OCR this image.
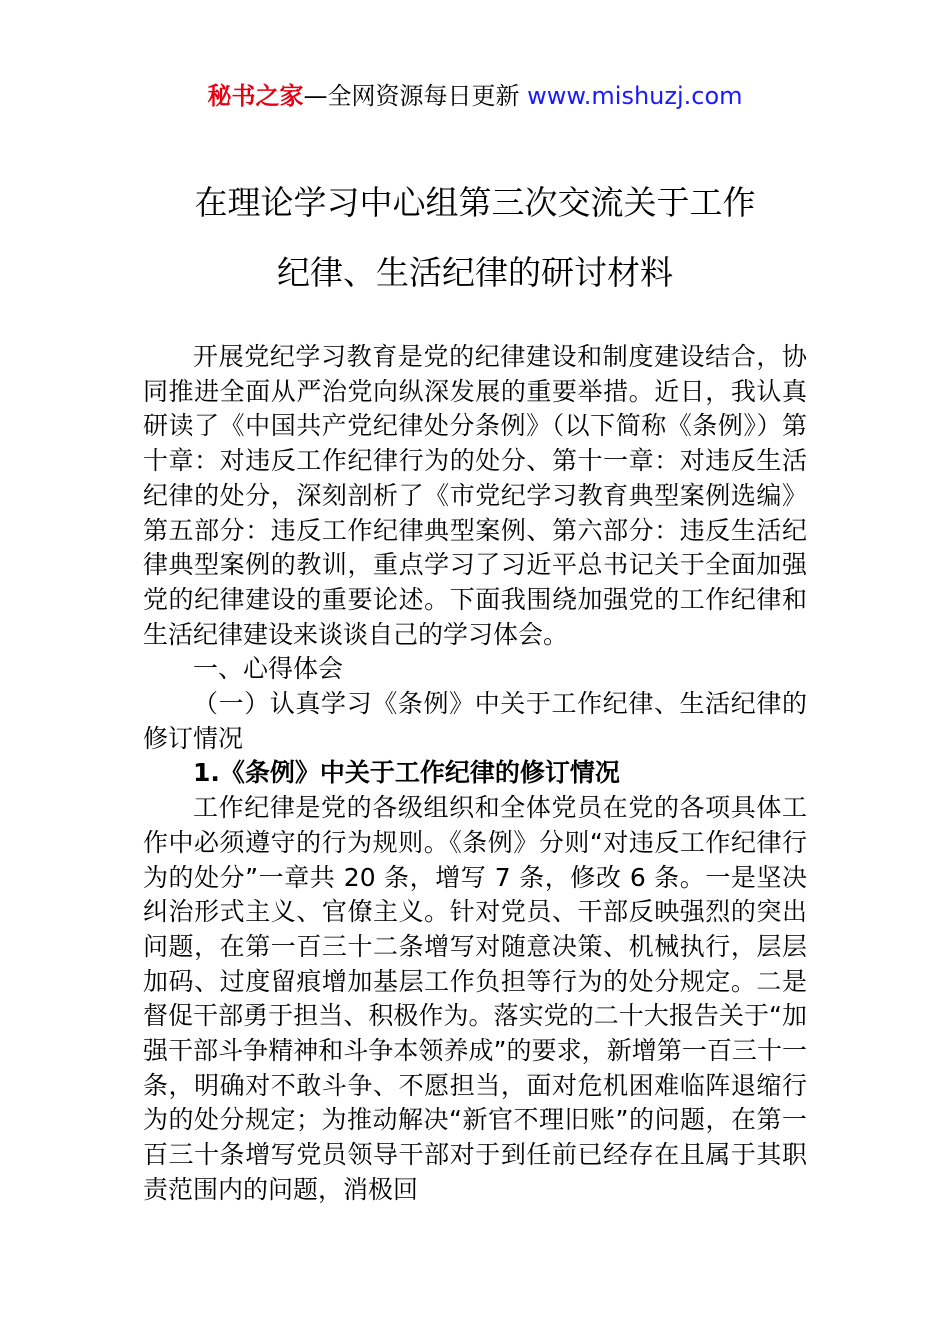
秘书之家—全网资源每日更新 www.mishuzj.com
在理论学习中心组第三次交流关于工作
纪律、生活纪律的研讨材料

开展党纪学习教育是党的纪律建设和制度建设结合，协同推进全面从严治党向纵深发展的重要举措。近日，我认真研读了《中国共产党纪律处分条例》（以下简称《条例》）第十章：对违反工作纪律行为的处分、第十一章：对违反生活纪律的处分，深刻剖析了《市党纪学习教育典型案例选编》第五部分：违反工作纪律典型案例、第六部分：违反生活纪律典型案例的教训，重点学习了习近平总书记关于全面加强党的纪律建设的重要论述。下面我围绕加强党的工作纪律和生活纪律建设来谈谈自己的学习体会。

一、心得体会

（一）认真学习《条例》中关于工作纪律、生活纪律的修订情况

1.《条例》中关于工作纪律的修订情况

工作纪律是党的各级组织和全体党员在党的各项具体工作中必须遵守的行为规则。《条例》分则“对违反工作纪律行为的处分”一章共 20 条，增写 7 条，修改 6 条。一是坚决纠治形式主义、官僚主义。针对党员、干部反映强烈的突出问题，在第一百三十二条增写对随意决策、机械执行，层层加码、过度留痕增加基层工作负担等行为的处分规定。二是督促干部勇于担当、积极作为。落实党的二十大报告关于“加强干部斗争精神和斗争本领养成”的要求，新增第一百三十一条，明确对不敢斗争、不愿担当，面对危机困难临阵退缩行为的处分规定；为推动解决“新官不理旧账”的问题，在第一百三十条增写党员领导干部对于到任前已经存在且属于其职责范围内的问题，消极回
